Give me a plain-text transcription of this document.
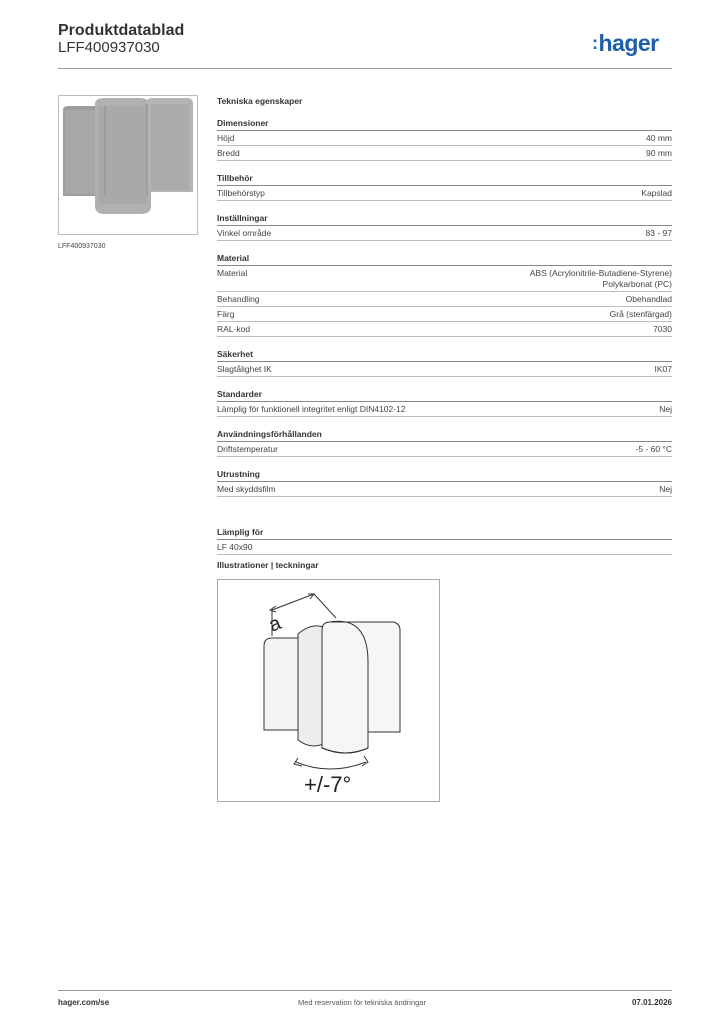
Produktdatablad
LFF400937030	:hager
LFF400937030
Tekniska egenskaper
Dimensioner
Höjd	40 mm
Bredd	90 mm
Tillbehör
Tillbehörstyp	Kapslad
Inställningar
Vinkel område	83 - 97
Material
Material	ABS (Acrylonitrile-Butadiene-Styrene)
Polykarbonat (PC)
Behandling	Obehandlad
Färg	Grå (stenfärgad)
RAL-kod	7030
Säkerhet
Slagtålighet IK	IK07
Standarder
Lämplig för funktionell integritet enligt DIN4102-12	Nej
Användningsförhållanden
Driftstemperatur	-5 - 60 °C
Utrustning
Med skyddsfilm	Nej
Lämplig för
LF 40x90
Illustrationer | teckningar
a
+/-7°
hager.com/se	Med reservation för tekniska ändringar	07.01.2026
